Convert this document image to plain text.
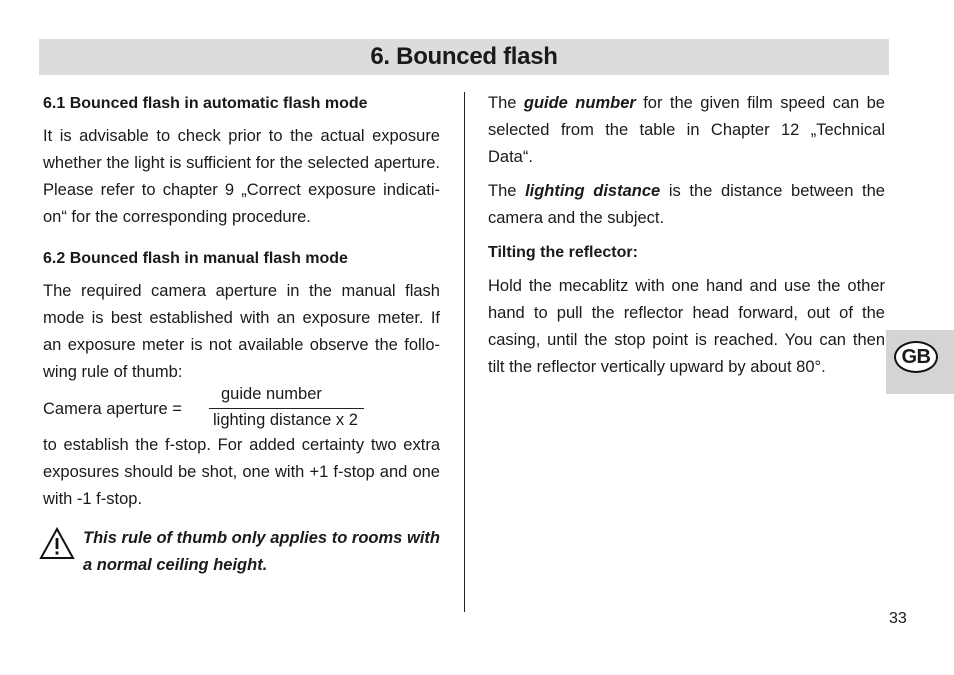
6. Bounced flash
6.1 Bounced flash in automatic flash mode

It is advisable to check prior to the actual exposure whether the light is sufficient for the selected aperture. Please refer to chapter 9 „Correct exposure indicati- on“ for the corresponding procedure.

6.2 Bounced flash in manual flash mode

The required camera aperture in the manual flash mode is best established with an exposure meter. If an exposure meter is not available observe the follo- wing rule of thumb:

Camera aperture =
guide number
lighting distance x 2

to establish the f-stop. For added certainty two extra exposures should be shot, one with +1 f-stop and one with -1 f-stop.

This rule of thumb only applies to rooms with a normal ceiling height.

The guide number for the given film speed can be selected from the table in Chapter 12 „Technical Data“.

The lighting distance is the distance between the camera and the subject.

Tilting the reflector:

Hold the mecablitz with one hand and use the other hand to pull the reflector head forward, out of the casing, until the stop point is reached. You can then tilt the reflector vertically upward by about 80°.	GB
33
